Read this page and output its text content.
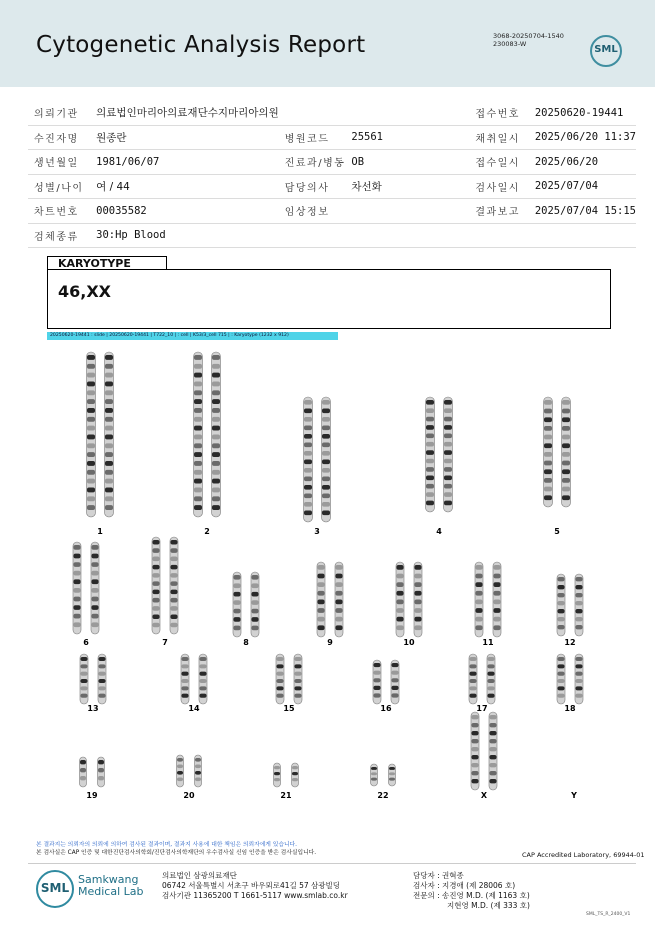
Cytogenetic Analysis Report	3068-20250704-1540
230083-W	SML
의뢰기관	의료법인마리아의료재단수지마리아의원			접수번호	20250620-19441
수진자명	원종란	병원코드	25561	채취일시	2025/06/20 11:37
생년월일	1981/06/07	진료과/병동	OB	접수일시	2025/06/20
성별/나이	여 / 44	담당의사	차선화	검사일시	2025/07/04
차트번호	00035582	임상정보		결과보고	2025/07/04 15:15
검체종류	30:Hp Blood				
KARYOTYPE
46,XX
20250620-19441 : slide | 20250620-19441 | T722_10 | : cell | K53/3_cell 715 | : Karyotype (1232 x 912)
1	2	3	4	5
6	7	8	9	10	11	12
13	14	15	16	17	18
19	20	21	22	X	Y
본 결과지는 의뢰자의 의뢰에 의하여 검사된 결과이며, 결과지 사용에 대한 책임은 의뢰자에게 있습니다.
본 검사실은 CAP 인증 및 대한진단검사의학회/진단검사의학재단의 우수검사실 신임 인증을 받은 검사실입니다.	CAP Accredited Laboratory, 69944-01
SML
Samkwang
Medical Lab
의료법인 삼광의료재단
06742 서울특별시 서초구 바우뫼로41길 57 삼광빌딩
검사기관 11365200 T 1661-5117 www.smlab.co.kr
담당자 : 권혁종
검사자 : 지경애 (제 28006 호)
전문의 : 송진영 M.D. (제 1163 호)
지현영 M.D. (제 333 호)
SML_TS_R_2400_V1
